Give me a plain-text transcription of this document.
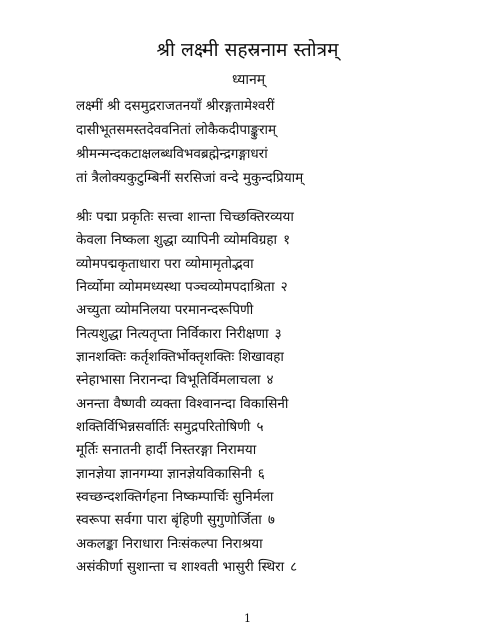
श्री लक्ष्मी सहस्रनाम स्तोत्रम्
ध्यानम्
लक्ष्मीं श्री दसमुद्रराजतनयाँ श्रीरङ्गतामेश्वरीं
दासीभूतसमस्तदेववनितां लोकैकदीपाङ्कुराम्
श्रीमन्मन्दकटाक्षलब्धविभवब्रह्मेन्द्रगङ्गाधरां
तां त्रैलोक्यकुटुम्बिनीं सरसिजां वन्दे मुकुन्दप्रियाम्
श्रीः पद्मा प्रकृतिः सत्त्वा शान्ता चिच्छक्तिरव्यया
केवला निष्कला शुद्धा व्यापिनी व्योमविग्रहा १
व्योमपद्मकृताधारा परा व्योमामृतोद्भवा
निर्व्योमा व्योममध्यस्था पञ्चव्योमपदाश्रिता २
अच्युता व्योमनिलया परमानन्दरूपिणी
नित्यशुद्धा नित्यतृप्ता निर्विकारा निरीक्षणा ३
ज्ञानशक्तिः कर्तृशक्तिर्भोक्तृशक्तिः शिखावहा
स्नेहाभासा निरानन्दा विभूतिर्विमलाचला ४
अनन्ता वैष्णवी व्यक्ता विश्वानन्दा विकासिनी
शक्तिर्विभिन्नसर्वार्तिः समुद्रपरितोषिणी ५
मूर्तिः सनातनी हार्दी निस्तरङ्गा निरामया
ज्ञानज्ञेया ज्ञानगम्या ज्ञानज्ञेयविकासिनी ६
स्वच्छन्दशक्तिर्गहना निष्कम्पार्चिः सुनिर्मला
स्वरूपा सर्वगा पारा बृंहिणी सुगुणोर्जिता ७
अकलङ्का निराधारा निःसंकल्पा निराश्रया
असंकीर्णा सुशान्ता च शाश्वती भासुरी स्थिरा ८
1
